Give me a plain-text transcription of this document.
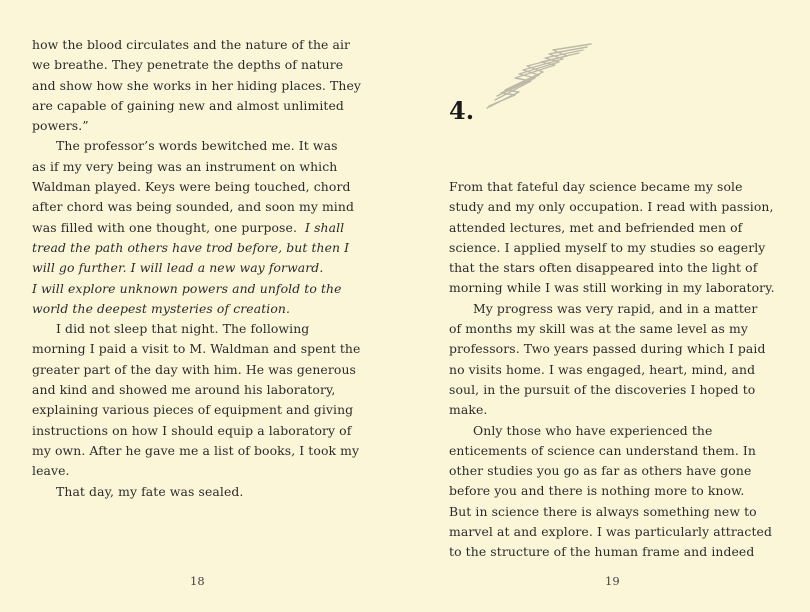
how the blood circulates and the nature of the air
we breathe. They penetrate the depths of nature
and show how she works in her hiding places. They
are capable of gaining new and almost unlimited
powers.”
The professor’s words bewitched me. It was
as if my very being was an instrument on which
Waldman played. Keys were being touched, chord
after chord was being sounded, and soon my mind
was filled with one thought, one purpose.  I shall
tread the path others have trod before, but then I
will go further. I will lead a new way forward.
I will explore unknown powers and unfold to the
world the deepest mysteries of creation.
I did not sleep that night. The following
morning I paid a visit to M. Waldman and spent the
greater part of the day with him. He was generous
and kind and showed me around his laboratory,
explaining various pieces of equipment and giving
instructions on how I should equip a laboratory of
my own. After he gave me a list of books, I took my
leave.
That day, my fate was sealed.
18
4.
From that fateful day science became my sole
study and my only occupation. I read with passion,
attended lectures, met and befriended men of
science. I applied myself to my studies so eagerly
that the stars often disappeared into the light of
morning while I was still working in my laboratory.
My progress was very rapid, and in a matter
of months my skill was at the same level as my
professors. Two years passed during which I paid
no visits home. I was engaged, heart, mind, and
soul, in the pursuit of the discoveries I hoped to
make.
Only those who have experienced the
enticements of science can understand them. In
other studies you go as far as others have gone
before you and there is nothing more to know.
But in science there is always something new to
marvel at and explore. I was particularly attracted
to the structure of the human frame and indeed
19
